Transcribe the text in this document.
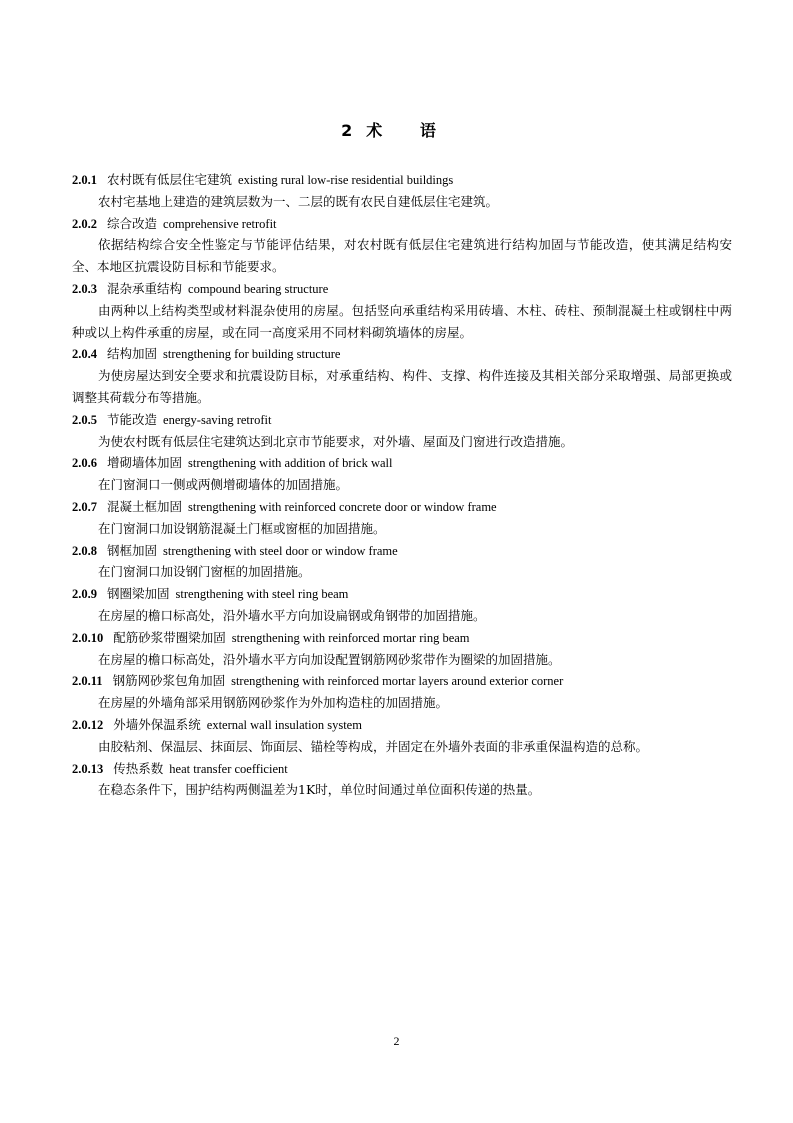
2 术 语
2.0.1 农村既有低层住宅建筑 existing rural low-rise residential buildings

农村宅基地上建造的建筑层数为一、二层的既有农民自建低层住宅建筑。

2.0.2 综合改造 comprehensive retrofit

依据结构综合安全性鉴定与节能评估结果，对农村既有低层住宅建筑进行结构加固与节能改造，使其满足结构安全、本地区抗震设防目标和节能要求。

2.0.3 混杂承重结构 compound bearing structure

由两种以上结构类型或材料混杂使用的房屋。包括竖向承重结构采用砖墙、木柱、砖柱、预制混凝土柱或钢柱中两种或以上构件承重的房屋，或在同一高度采用不同材料砌筑墙体的房屋。

2.0.4 结构加固 strengthening for building structure

为使房屋达到安全要求和抗震设防目标，对承重结构、构件、支撑、构件连接及其相关部分采取增强、局部更换或调整其荷载分布等措施。

2.0.5 节能改造 energy-saving retrofit

为使农村既有低层住宅建筑达到北京市节能要求，对外墙、屋面及门窗进行改造措施。

2.0.6 增砌墙体加固 strengthening with addition of brick wall

在门窗洞口一侧或两侧增砌墙体的加固措施。

2.0.7 混凝土框加固 strengthening with reinforced concrete door or window frame

在门窗洞口加设钢筋混凝土门框或窗框的加固措施。

2.0.8 钢框加固 strengthening with steel door or window frame

在门窗洞口加设钢门窗框的加固措施。

2.0.9 钢圈梁加固 strengthening with steel ring beam

在房屋的檐口标高处，沿外墙水平方向加设扁钢或角钢带的加固措施。

2.0.10 配筋砂浆带圈梁加固 strengthening with reinforced mortar ring beam

在房屋的檐口标高处，沿外墙水平方向加设配置钢筋网砂浆带作为圈梁的加固措施。

2.0.11 钢筋网砂浆包角加固 strengthening with reinforced mortar layers around exterior corner

在房屋的外墙角部采用钢筋网砂浆作为外加构造柱的加固措施。

2.0.12 外墙外保温系统 external wall insulation system

由胶粘剂、保温层、抹面层、饰面层、锚栓等构成，并固定在外墙外表面的非承重保温构造的总称。

2.0.13 传热系数 heat transfer coefficient

在稳态条件下，围护结构两侧温差为1K时，单位时间通过单位面积传递的热量。

2
